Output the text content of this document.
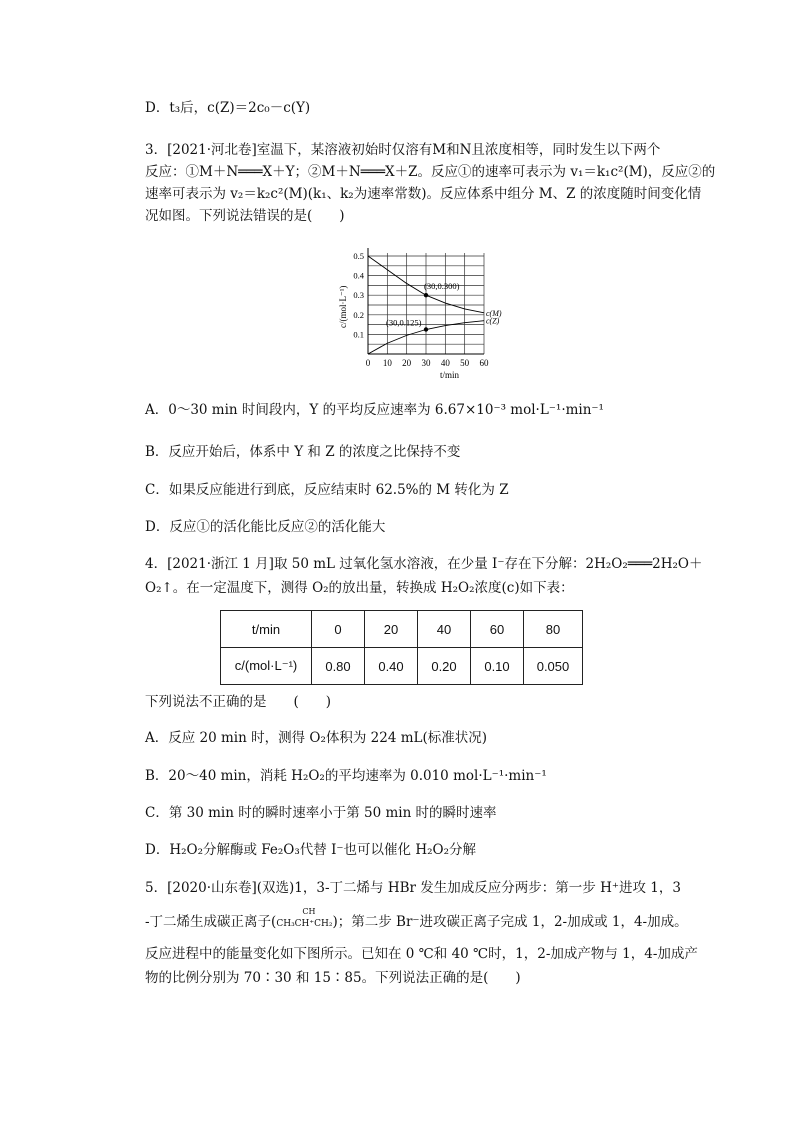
D．t₃后，c(Z)＝2c₀－c(Y)
3．[2021·河北卷]室温下，某溶液初始时仅溶有M和N且浓度相等，同时发生以下两个
反应：①M＋N═══X＋Y；②M＋N═══X＋Z。反应①的速率可表示为 v₁＝k₁c²(M)，反应②的
速率可表示为 v₂＝k₂c²(M)(k₁、k₂为速率常数)。反应体系中组分 M、Z 的浓度随时间变化情
况如图。下列说法错误的是(　　)
c(M)
c(Z)
0 10 20 30 40 50 60
0.1
0.2
0.3
0.4
0.5
(30,0.300)
(30,0.125)
c/(mol·L⁻¹)
t/min
A．0～30 min 时间段内，Y 的平均反应速率为 6.67×10⁻³ mol·L⁻¹·min⁻¹
B．反应开始后，体系中 Y 和 Z 的浓度之比保持不变
C．如果反应能进行到底，反应结束时 62.5%的 M 转化为 Z
D．反应①的活化能比反应②的活化能大
4．[2021·浙江 1 月]取 50 mL 过氧化氢水溶液，在少量 I⁻存在下分解：2H₂O₂═══2H₂O＋
O₂↑。在一定温度下，测得 O₂的放出量，转换成 H₂O₂浓度(c)如下表：
t/min	0	20	40	60	80
c/(mol·L⁻¹)	0.80	0.40	0.20	0.10	0.050
下列说法不正确的是　　(　　)
A．反应 20 min 时，测得 O₂体积为 224 mL(标准状况)
B．20～40 min，消耗 H₂O₂的平均速率为 0.010 mol·L⁻¹·min⁻¹
C．第 30 min 时的瞬时速率小于第 50 min 时的瞬时速率
D．H₂O₂分解酶或 Fe₂O₃代替 I⁻也可以催化 H₂O₂分解
5．[2020·山东卷](双选)1，3-丁二烯与 HBr 发生加成反应分两步：第一步 H⁺进攻 1，3
-丁二烯生成碳正离子(
CH
CH₃CH⁺CH₂)；第二步 Br⁻进攻碳正离子完成 1，2-加成或 1，4-加成。
反应进程中的能量变化如下图所示。已知在 0 ℃和 40 ℃时，1，2-加成产物与 1，4-加成产
物的比例分别为 70∶30 和 15∶85。下列说法正确的是(　　)
